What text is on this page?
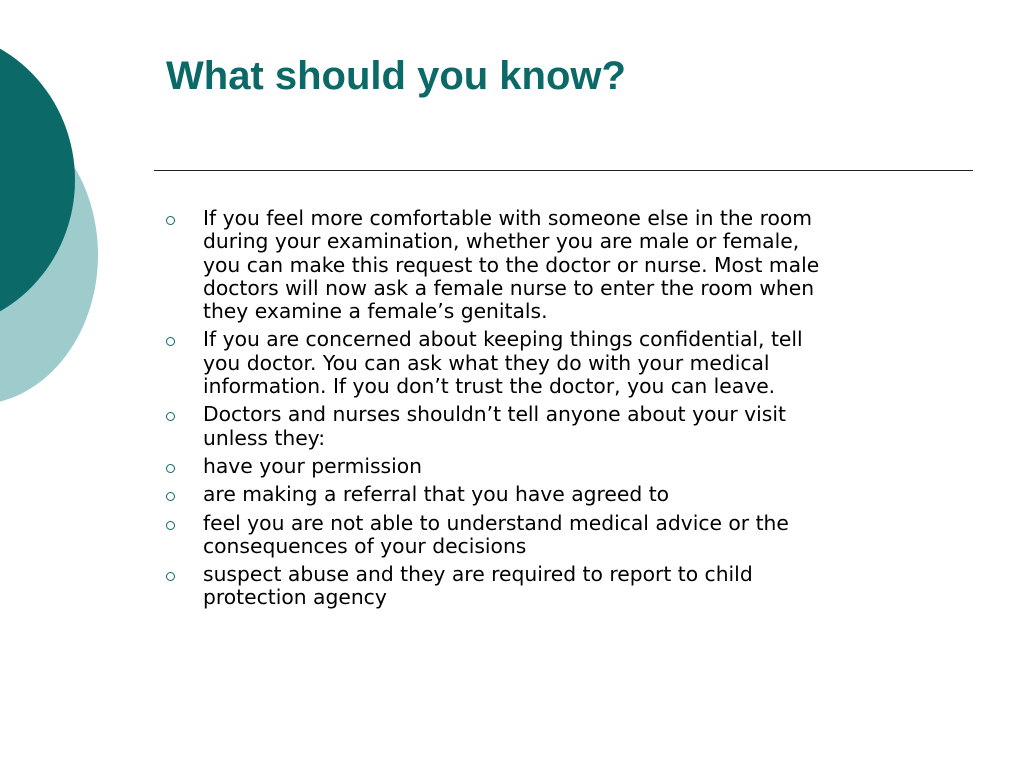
What should you know?
If you feel more comfortable with someone else in the room
during your examination, whether you are male or female,
you can make this request to the doctor or nurse. Most male
doctors will now ask a female nurse to enter the room when
they examine a female’s genitals.
If you are concerned about keeping things confidential, tell
you doctor. You can ask what they do with your medical
information. If you don’t trust the doctor, you can leave.
Doctors and nurses shouldn’t tell anyone about your visit
unless they:
have your permission
are making a referral that you have agreed to
feel you are not able to understand medical advice or the
consequences of your decisions
suspect abuse and they are required to report to child
protection agency
